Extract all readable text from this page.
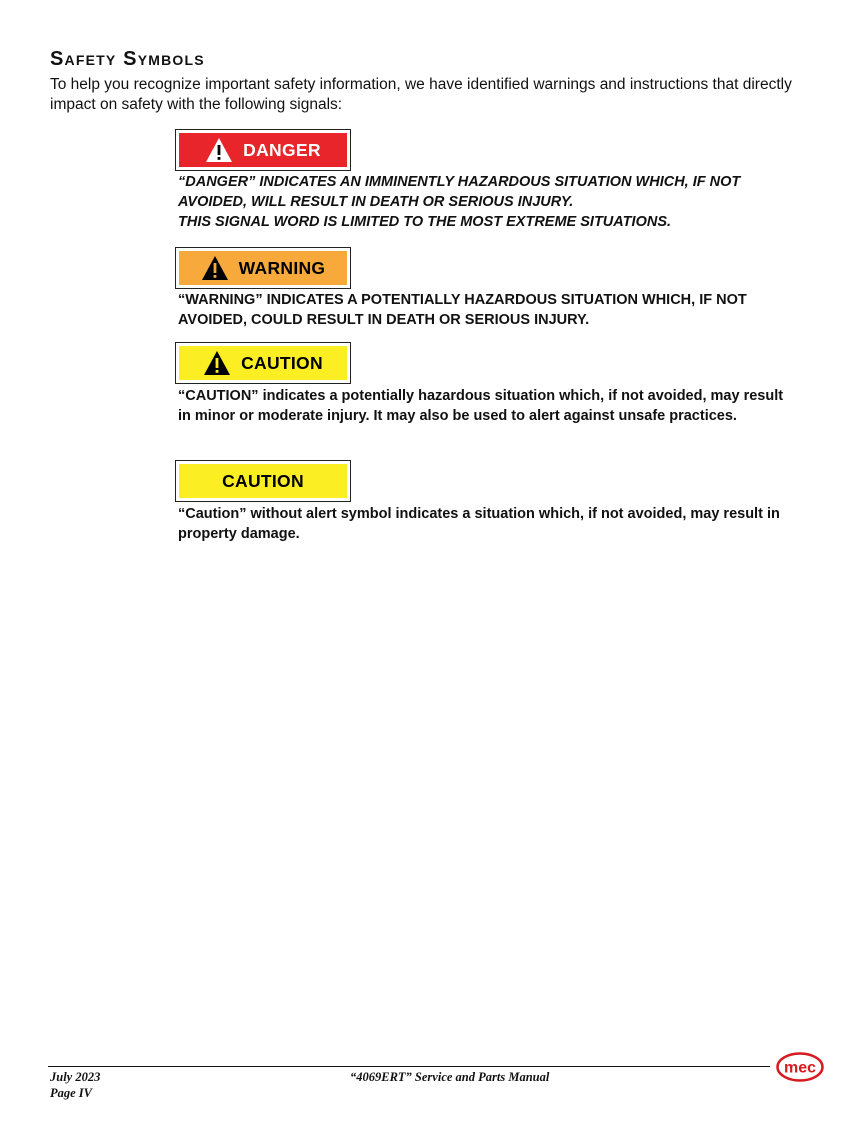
Safety Symbols

To help you recognize important safety information, we have identified warnings and instructions that directly impact on safety with the following signals:

DANGER

“DANGER” INDICATES AN IMMINENTLY HAZARDOUS SITUATION WHICH, IF NOT AVOIDED, WILL RESULT IN DEATH OR SERIOUS INJURY.

THIS SIGNAL WORD IS LIMITED TO THE MOST EXTREME SITUATIONS.

WARNING

“WARNING” INDICATES A POTENTIALLY HAZARDOUS SITUATION WHICH, IF NOT AVOIDED, COULD RESULT IN DEATH OR SERIOUS INJURY.

CAUTION

“CAUTION” indicates a potentially hazardous situation which, if not avoided, may result in minor or moderate injury. It may also be used to alert against unsafe practices.

CAUTION

“Caution” without alert symbol indicates a situation which, if not avoided, may result in property damage.

July 2023
Page IV
“4069ERT” Service and Parts Manual
mec
